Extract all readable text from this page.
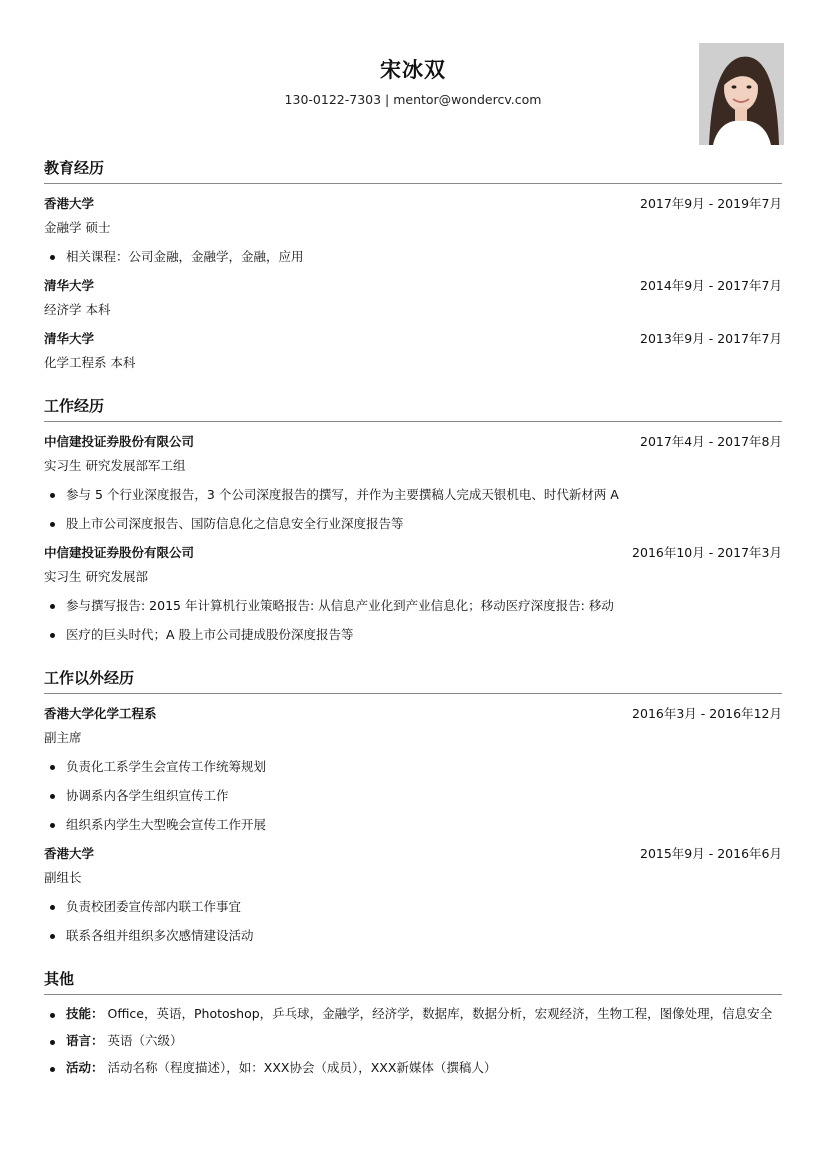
宋冰双
130-0122-7303 | mentor@wondercv.com
教育经历
香港大学	2017年9月 - 2019年7月
金融学 硕士
相关课程：公司金融，金融学，金融，应用
清华大学	2014年9月 - 2017年7月
经济学 本科
清华大学	2013年9月 - 2017年7月
化学工程系 本科
工作经历
中信建投证券股份有限公司	2017年4月 - 2017年8月
实习生 研究发展部军工组
参与 5 个行业深度报告，3 个公司深度报告的撰写，并作为主要撰稿人完成天银机电、时代新材两 A
股上市公司深度报告、国防信息化之信息安全行业深度报告等
中信建投证券股份有限公司	2016年10月 - 2017年3月
实习生 研究发展部
参与撰写报告: 2015 年计算机行业策略报告: 从信息产业化到产业信息化；移动医疗深度报告: 移动
医疗的巨头时代；A 股上市公司捷成股份深度报告等
工作以外经历
香港大学化学工程系	2016年3月 - 2016年12月
副主席
负责化工系学生会宣传工作统筹规划
协调系内各学生组织宣传工作
组织系内学生大型晚会宣传工作开展
香港大学	2015年9月 - 2016年6月
副组长
负责校团委宣传部内联工作事宜
联系各组并组织多次感情建设活动
其他
技能： Office，英语，Photoshop，乒乓球，金融学，经济学，数据库，数据分析，宏观经济，生物工程，图像处理，信息安全
语言： 英语（六级）
活动： 活动名称（程度描述），如：XXX协会（成员），XXX新媒体（撰稿人）
